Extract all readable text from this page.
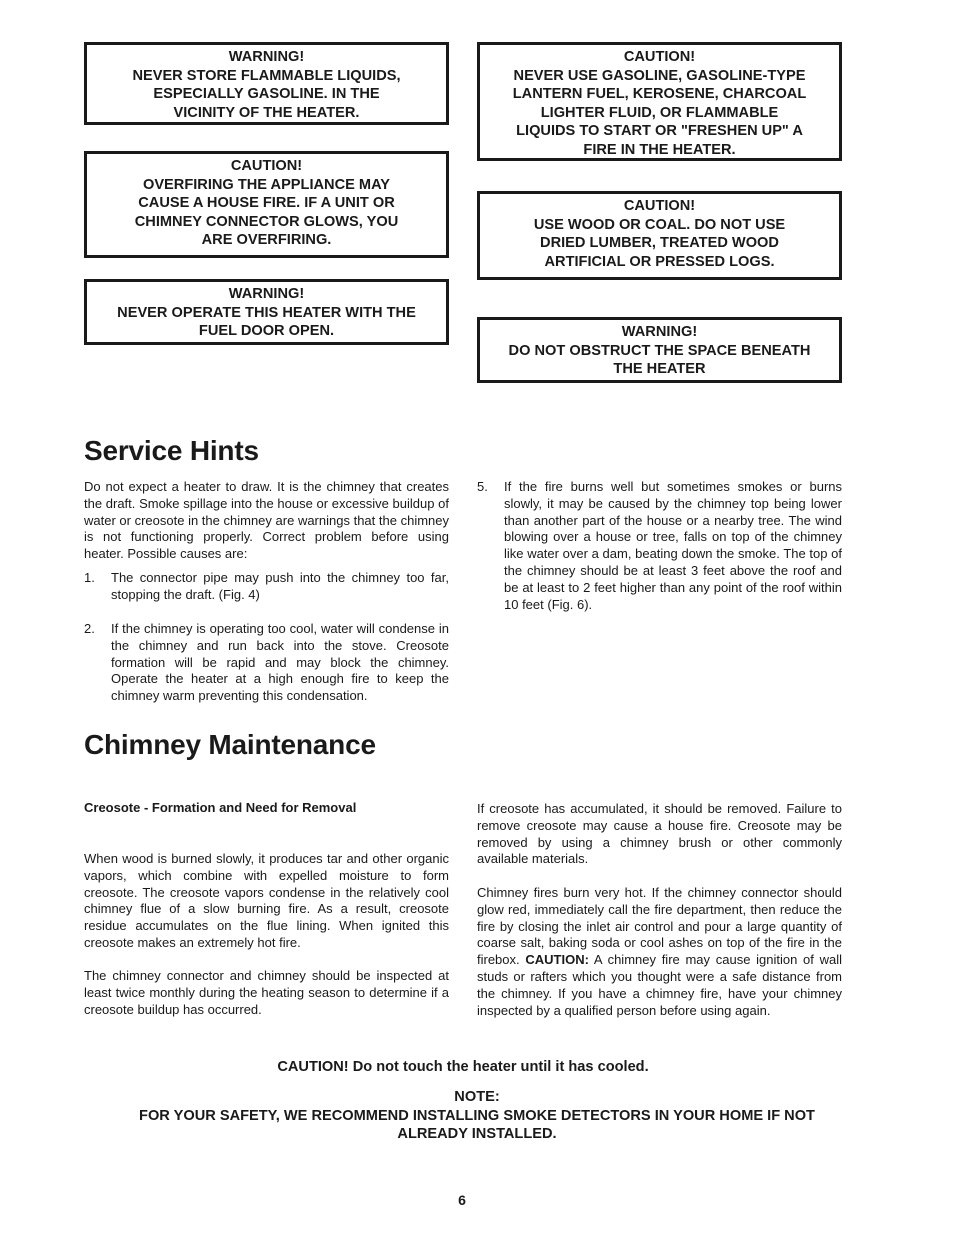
WARNING!
NEVER STORE FLAMMABLE LIQUIDS,
ESPECIALLY GASOLINE. IN THE
VICINITY OF THE HEATER.
CAUTION!
OVERFIRING THE APPLIANCE MAY
CAUSE A HOUSE FIRE. IF A UNIT OR
CHIMNEY CONNECTOR GLOWS, YOU
ARE OVERFIRING.
WARNING!
NEVER OPERATE THIS HEATER WITH THE
FUEL DOOR OPEN.
CAUTION!
NEVER USE GASOLINE, GASOLINE-TYPE
LANTERN FUEL, KEROSENE, CHARCOAL
LIGHTER FLUID, OR FLAMMABLE
LIQUIDS TO START OR "FRESHEN UP" A
FIRE IN THE HEATER.
CAUTION!
USE WOOD OR COAL. DO NOT USE
DRIED LUMBER, TREATED WOOD
ARTIFICIAL OR PRESSED LOGS.
WARNING!
DO NOT OBSTRUCT THE SPACE BENEATH
THE HEATER
Service Hints

Do not expect a heater to draw. It is the chimney that creates the draft. Smoke spillage into the house or excessive buildup of water or creosote in the chimney are warnings that the chimney is not functioning properly. Correct problem before using heater. Possible causes are:

1. The connector pipe may push into the chimney too far, stopping the draft. (Fig. 4)
2. If the chimney is operating too cool, water will condense in the chimney and run back into the stove. Creosote formation will be rapid and may block the chimney. Operate the heater at a high enough fire to keep the chimney warm preventing this condensation.
5. If the fire burns well but sometimes smokes or burns slowly, it may be caused by the chimney top being lower than another part of the house or a nearby tree. The wind blowing over a house or tree, falls on top of the chimney like water over a dam, beating down the smoke. The top of the chimney should be at least 3 feet above the roof and be at least to 2 feet higher than any point of the roof within 10 feet (Fig. 6).
Chimney Maintenance

Creosote - Formation and Need for Removal

When wood is burned slowly, it produces tar and other organic vapors, which combine with expelled moisture to form creosote. The creosote vapors condense in the relatively cool chimney flue of a slow burning fire. As a result, creosote residue accumulates on the flue lining. When ignited this creosote makes an extremely hot fire.

The chimney connector and chimney should be inspected at least twice monthly during the heating season to determine if a creosote buildup has occurred.

If creosote has accumulated, it should be removed. Failure to remove creosote may cause a house fire. Creosote may be removed by using a chimney brush or other commonly available materials.

Chimney fires burn very hot. If the chimney connector should glow red, immediately call the fire department, then reduce the fire by closing the inlet air control and pour a large quantity of coarse salt, baking soda or cool ashes on top of the fire in the firebox. CAUTION: A chimney fire may cause ignition of wall studs or rafters which you thought were a safe distance from the chimney. If you have a chimney fire, have your chimney inspected by a qualified person before using again.

CAUTION! Do not touch the heater until it has cooled.
NOTE:
FOR YOUR SAFETY, WE RECOMMEND INSTALLING SMOKE DETECTORS IN YOUR HOME IF NOT
ALREADY INSTALLED.
6
